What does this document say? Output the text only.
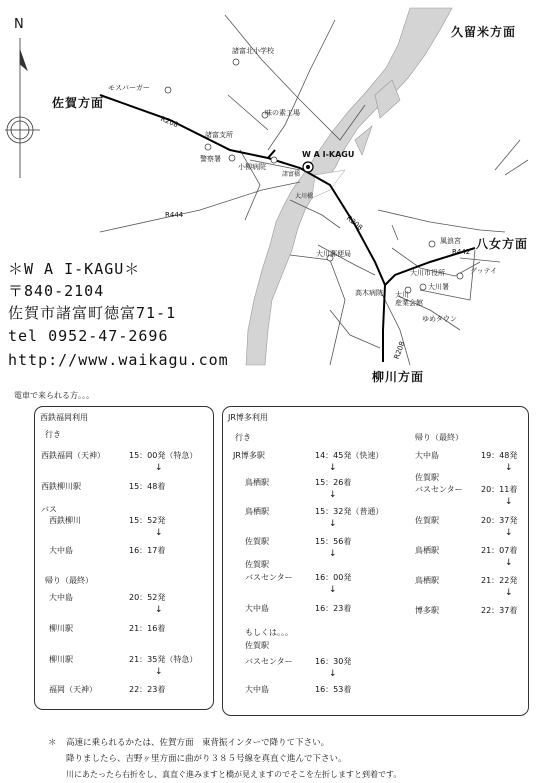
N	久留米方面
佐賀方面
八女方面
柳川方面
諸富北小学校
モスバーガー
味の素工場
諸富支所
警察署
小柳病院
諸富橋
W A I-KAGU
大川橋
大川郵便局
風浪宮
大川市役所	グッテイ
高木病院
大川署
大川
産業会館
ゆめタウン
R208
R208
R208
R444
R442
＊W A I-KAGU＊
〒840-2104
佐賀市諸富町徳富71-1
tel 0952-47-2696
http://www.waikagu.com
電車で来られる方。。。
西鉄福岡利用
行き
西鉄福岡（天神）	15：00発（特急）
↓
西鉄柳川駅	15：48着
バス
西鉄柳川	15：52発
↓
大中島	16：17着
帰り（最終）
大中島	20：52発
↓
柳川駅	21：16着
柳川駅	21：35発（特急）
↓
福岡（天神）	22：23着
JR博多利用
行き
JR博多駅	14：45発（快速）
↓
鳥栖駅	15：26着
↓
鳥栖駅	15：32発（普通）
↓
佐賀駅	15：56着
↓
佐賀駅
バスセンター	16：00発
↓
大中島	16：23着
もしくは。。。
佐賀駅
バスセンター	16：30発
↓
大中島	16：53着
帰り（最終）
大中島	19：48発
↓
佐賀駅
バスセンター 20：11着
↓
佐賀駅	20：37発
↓
鳥栖駅	21：07着
↓
鳥栖駅	21：22発
↓
博多駅	22：37着
＊ 高速に乗られるかたは、佐賀方面　東背振インターで降りて下さい。
降りましたら、吉野ヶ里方面に曲がり３８５号線を真直ぐ進んで下さい。
川にあたったら右折をし、真直ぐ進みますと橋が見えますのでそこを左折しますと到着です。
